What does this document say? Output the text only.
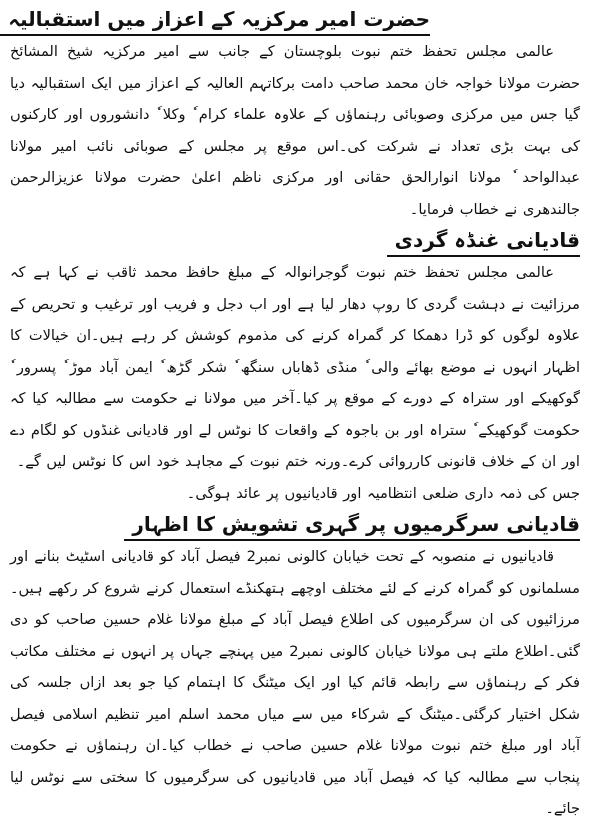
حضرت امیر مرکزیہ کے اعزاز میں استقبالیہ

عالمی مجلس تحفظ ختم نبوت بلوچستان کے جانب سے امیر مرکزیہ شیخ المشائخ حضرت مولانا خواجہ خان محمد صاحب دامت برکاتہم العالیہ کے اعزاز میں ایک استقبالیہ دیا گیا جس میں مرکزی وصوبائی رہنماؤں کے علاوہ علماء کرام ٗ وکلا ٗ دانشوروں اور کارکنوں کی بہت بڑی تعداد نے شرکت کی۔اس موقع پر مجلس کے صوبائی نائب امیر مولانا عبدالواحد ٗ مولانا انوارالحق حقانی اور مرکزی ناظم اعلیٰ حضرت مولانا عزیزالرحمن جالندھری نے خطاب فرمایا۔

قادیانی غنڈہ گردی

عالمی مجلس تحفظ ختم نبوت گوجرانوالہ کے مبلغ حافظ محمد ثاقب نے کہا ہے کہ مرزائیت نے دہشت گردی کا روپ دھار لیا ہے اور اب دجل و فریب اور ترغیب و تحریص کے علاوہ لوگوں کو ڈرا دھمکا کر گمراہ کرنے کی مذموم کوشش کر رہے ہیں۔ان خیالات کا اظہار انہوں نے موضع بھائے والی ٗ منڈی ڈھاباں سنگھ ٗ شکر گڑھ ٗ ایمن آباد موڑ ٗ پسرور ٗ گوکھیکے اور ستراہ کے دورے کے موقع پر کیا۔آخر میں مولانا نے حکومت سے مطالبہ کیا کہ حکومت گوکھیکے ٗ ستراہ اور بن باجوہ کے واقعات کا نوٹس لے اور قادیانی غنڈوں کو لگام دے اور ان کے خلاف قانونی کارروائی کرے۔ورنہ ختم نبوت کے مجاہد خود اس کا نوٹس لیں گے۔

جس کی ذمہ داری ضلعی انتظامیہ اور قادیانیوں پر عائد ہوگی۔

قادیانی سرگرمیوں پر گہری تشویش کا اظہار

قادیانیوں نے منصوبہ کے تحت خیابان کالونی نمبر2 فیصل آباد کو قادیانی اسٹیٹ بنانے اور مسلمانوں کو گمراہ کرنے کے لئے مختلف اوچھے ہتھکنڈے استعمال کرنے شروع کر رکھے ہیں۔مرزائیوں کی ان سرگرمیوں کی اطلاع فیصل آباد کے مبلغ مولانا غلام حسین صاحب کو دی گئی۔اطلاع ملتے ہی مولانا خیابان کالونی نمبر2 میں پہنچے جہاں پر انہوں نے مختلف مکاتب فکر کے رہنماؤں سے رابطہ قائم کیا اور ایک میٹنگ کا اہتمام کیا جو بعد ازاں جلسہ کی شکل اختیار کرگئی۔میٹنگ کے شرکاء میں سے میاں محمد اسلم امیر تنظیم اسلامی فیصل آباد اور مبلغ ختم نبوت مولانا غلام حسین صاحب نے خطاب کیا۔ان رہنماؤں نے حکومت پنجاب سے مطالبہ کیا کہ فیصل آباد میں قادیانیوں کی سرگرمیوں کا سختی سے نوٹس لیا جائے۔
